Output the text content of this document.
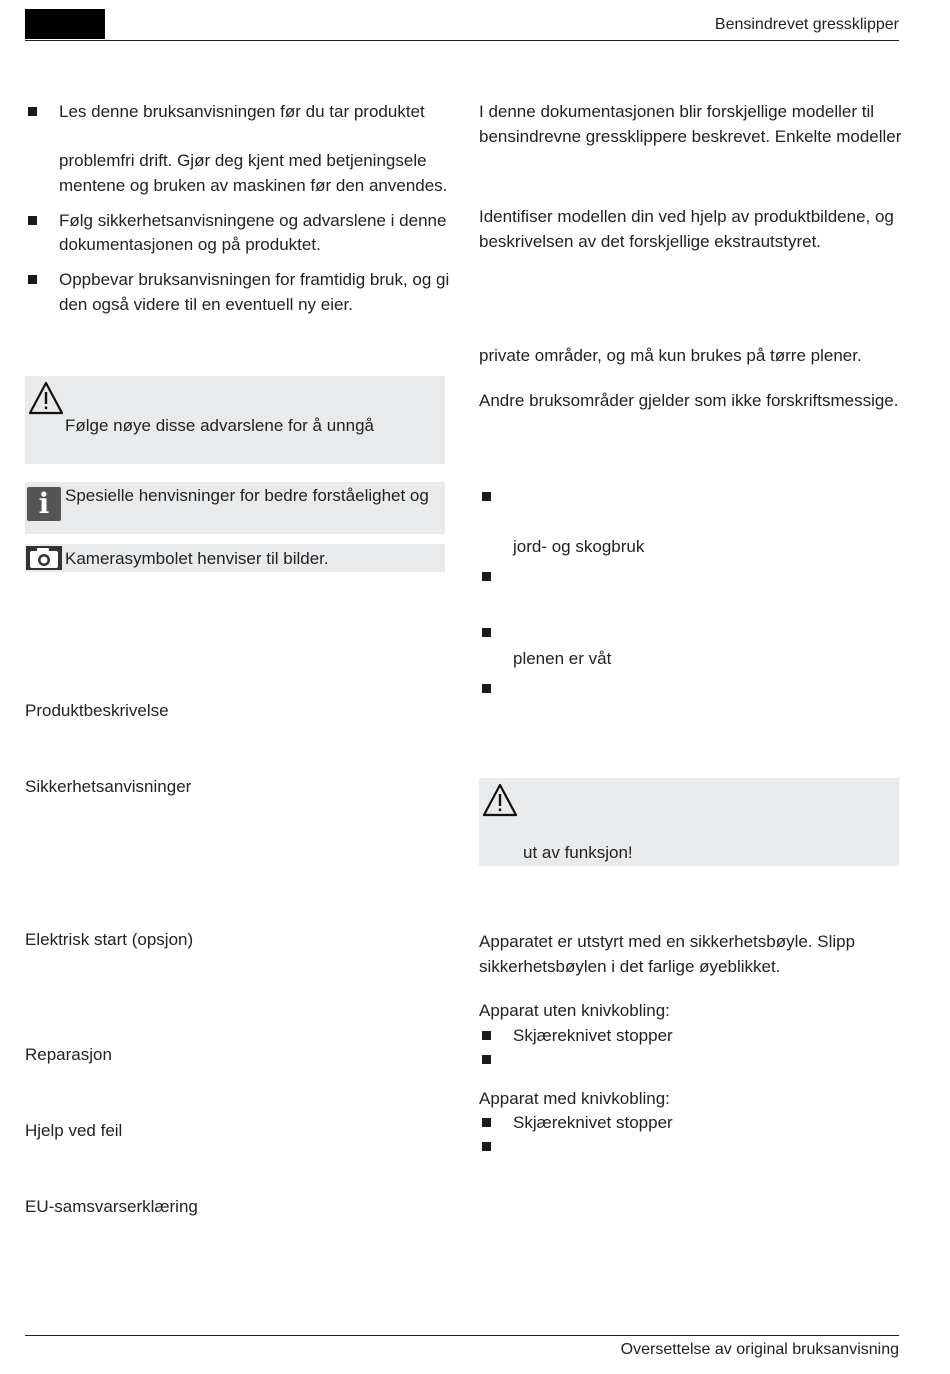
Bensindrevet gressklipper
Les denne bruksanvisningen før du tar produktet
problemfri drift. Gjør deg kjent med betjeningsele
mentene og bruken av maskinen før den anvendes.
Følg sikkerhetsanvisningene og advarslene i denne
dokumentasjonen og på produktet.
Oppbevar bruksanvisningen for framtidig bruk, og gi
den også videre til en eventuell ny eier.
Følge nøye disse advarslene for å unngå
i Spesielle henvisninger for bedre forståelighet og
Kamerasymbolet henviser til bilder.
Produktbeskrivelse
Sikkerhetsanvisninger
Elektrisk start (opsjon)
Reparasjon
Hjelp ved feil
EU-samsvarserklæring
I denne dokumentasjonen blir forskjellige modeller til
bensindrevne gressklippere beskrevet. Enkelte modeller
Identifiser modellen din ved hjelp av produktbildene, og
beskrivelsen av det forskjellige ekstrautstyret.
private områder, og må kun brukes på tørre plener.
Andre bruksområder gjelder som ikke forskriftsmessige.
jord- og skogbruk
plenen er våt
ut av funksjon!
Apparatet er utstyrt med en sikkerhetsbøyle. Slipp
sikkerhetsbøylen i det farlige øyeblikket.
Apparat uten knivkobling:
Skjæreknivet stopper
Apparat med knivkobling:
Skjæreknivet stopper
Oversettelse av original bruksanvisning
